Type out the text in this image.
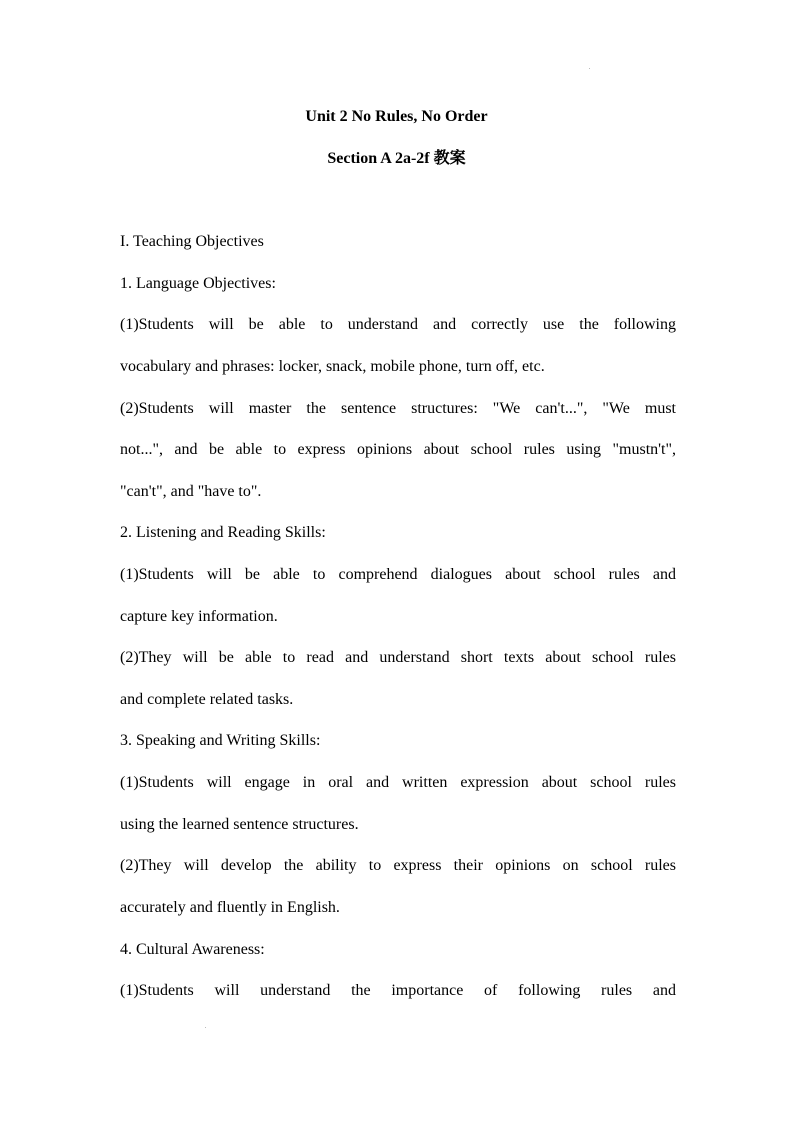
Unit 2 No Rules, No Order
Section A 2a-2f 教案
I. Teaching Objectives
1. Language Objectives:
(1)Students will be able to understand and correctly use the following
vocabulary and phrases: locker, snack, mobile phone, turn off, etc.
(2)Students will master the sentence structures: "We can't...", "We must
not...", and be able to express opinions about school rules using "mustn't",
"can't", and "have to".
2. Listening and Reading Skills:
(1)Students will be able to comprehend dialogues about school rules and
capture key information.
(2)They will be able to read and understand short texts about school rules
and complete related tasks.
3. Speaking and Writing Skills:
(1)Students will engage in oral and written expression about school rules
using the learned sentence structures.
(2)They will develop the ability to express their opinions on school rules
accurately and fluently in English.
4. Cultural Awareness:
(1)Students will understand the importance of following rules and
